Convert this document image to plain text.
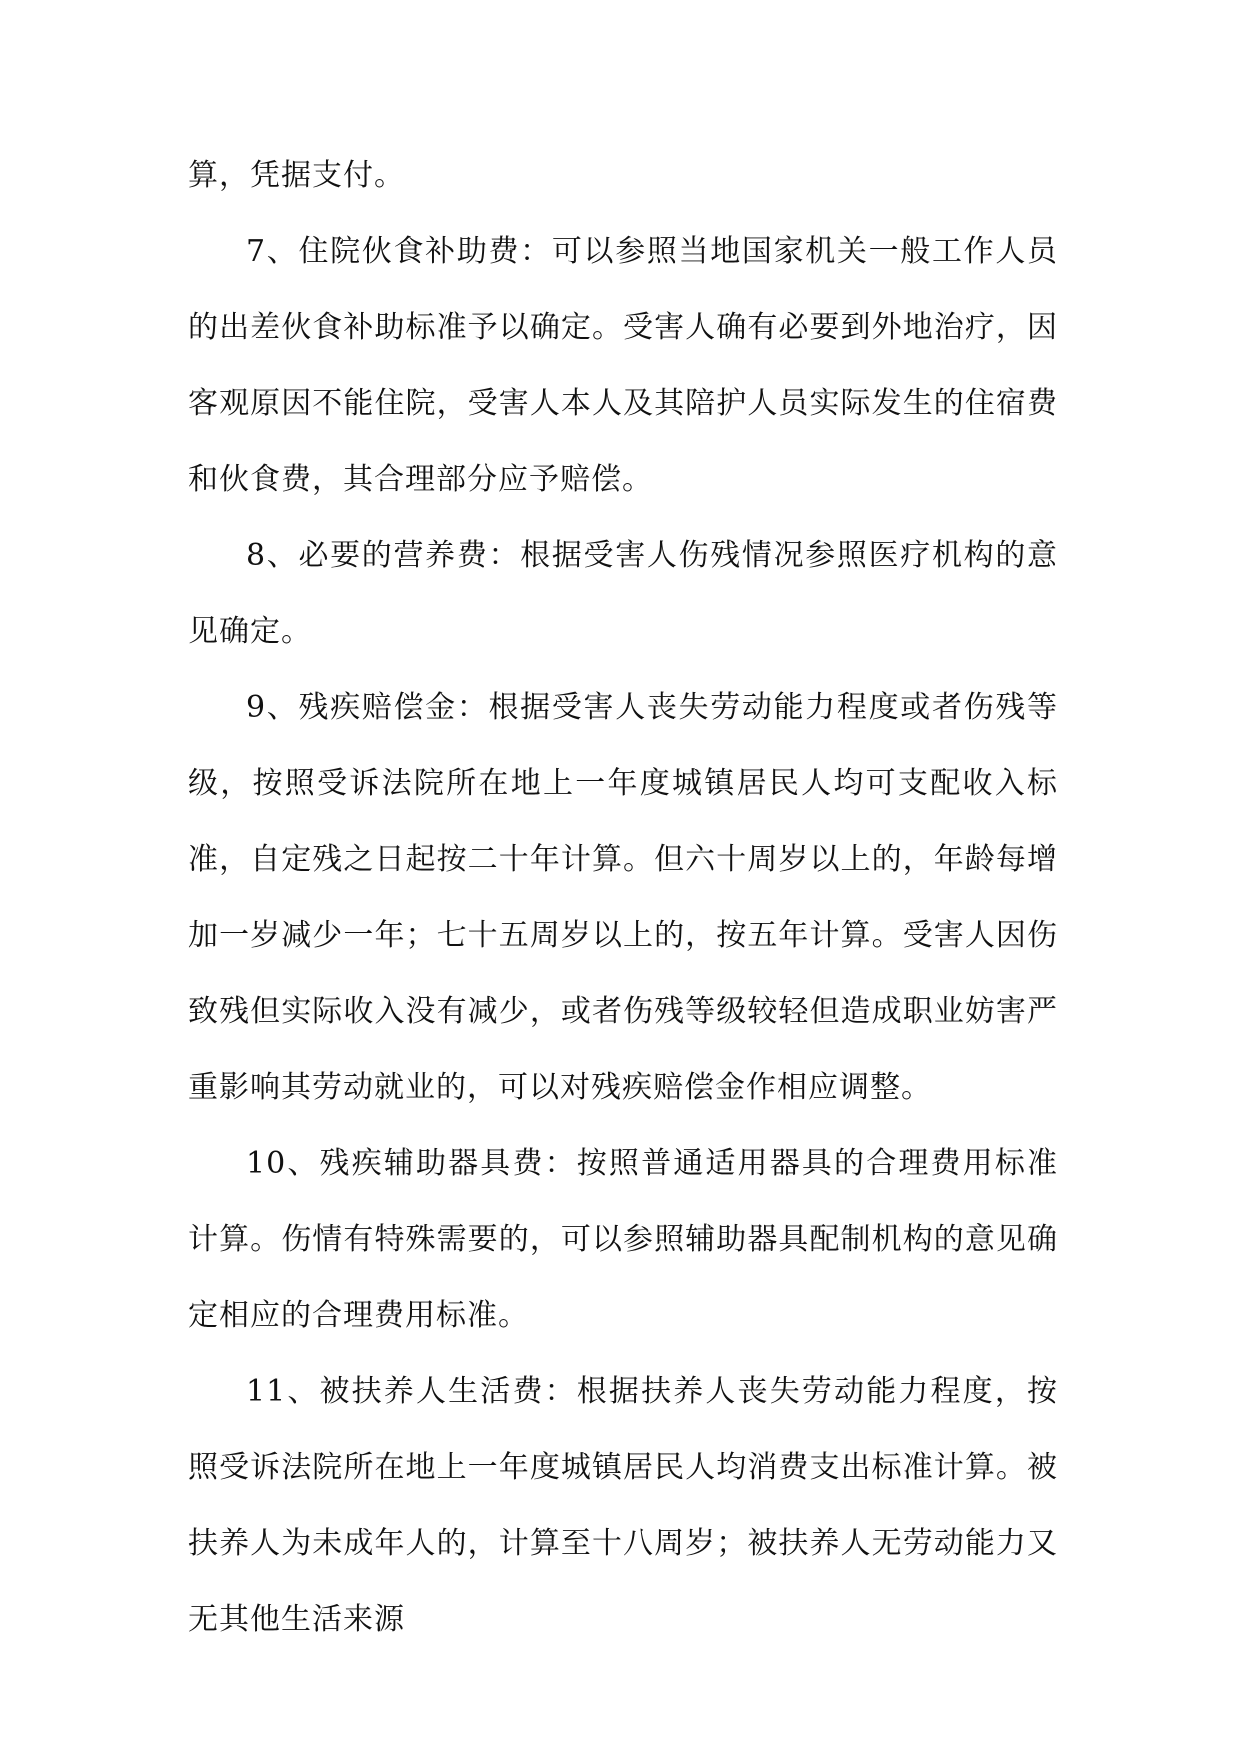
算，凭据支付。

7、住院伙食补助费：可以参照当地国家机关一般工作人员的出差伙食补助标准予以确定。受害人确有必要到外地治疗，因客观原因不能住院，受害人本人及其陪护人员实际发生的住宿费和伙食费，其合理部分应予赔偿。

8、必要的营养费：根据受害人伤残情况参照医疗机构的意见确定。

9、残疾赔偿金：根据受害人丧失劳动能力程度或者伤残等级，按照受诉法院所在地上一年度城镇居民人均可支配收入标准，自定残之日起按二十年计算。但六十周岁以上的，年龄每增加一岁减少一年；七十五周岁以上的，按五年计算。受害人因伤致残但实际收入没有减少，或者伤残等级较轻但造成职业妨害严重影响其劳动就业的，可以对残疾赔偿金作相应调整。

10、残疾辅助器具费：按照普通适用器具的合理费用标准计算。伤情有特殊需要的，可以参照辅助器具配制机构的意见确定相应的合理费用标准。

11、被扶养人生活费：根据扶养人丧失劳动能力程度，按照受诉法院所在地上一年度城镇居民人均消费支出标准计算。被扶养人为未成年人的，计算至十八周岁；被扶养人无劳动能力又无其他生活来源
